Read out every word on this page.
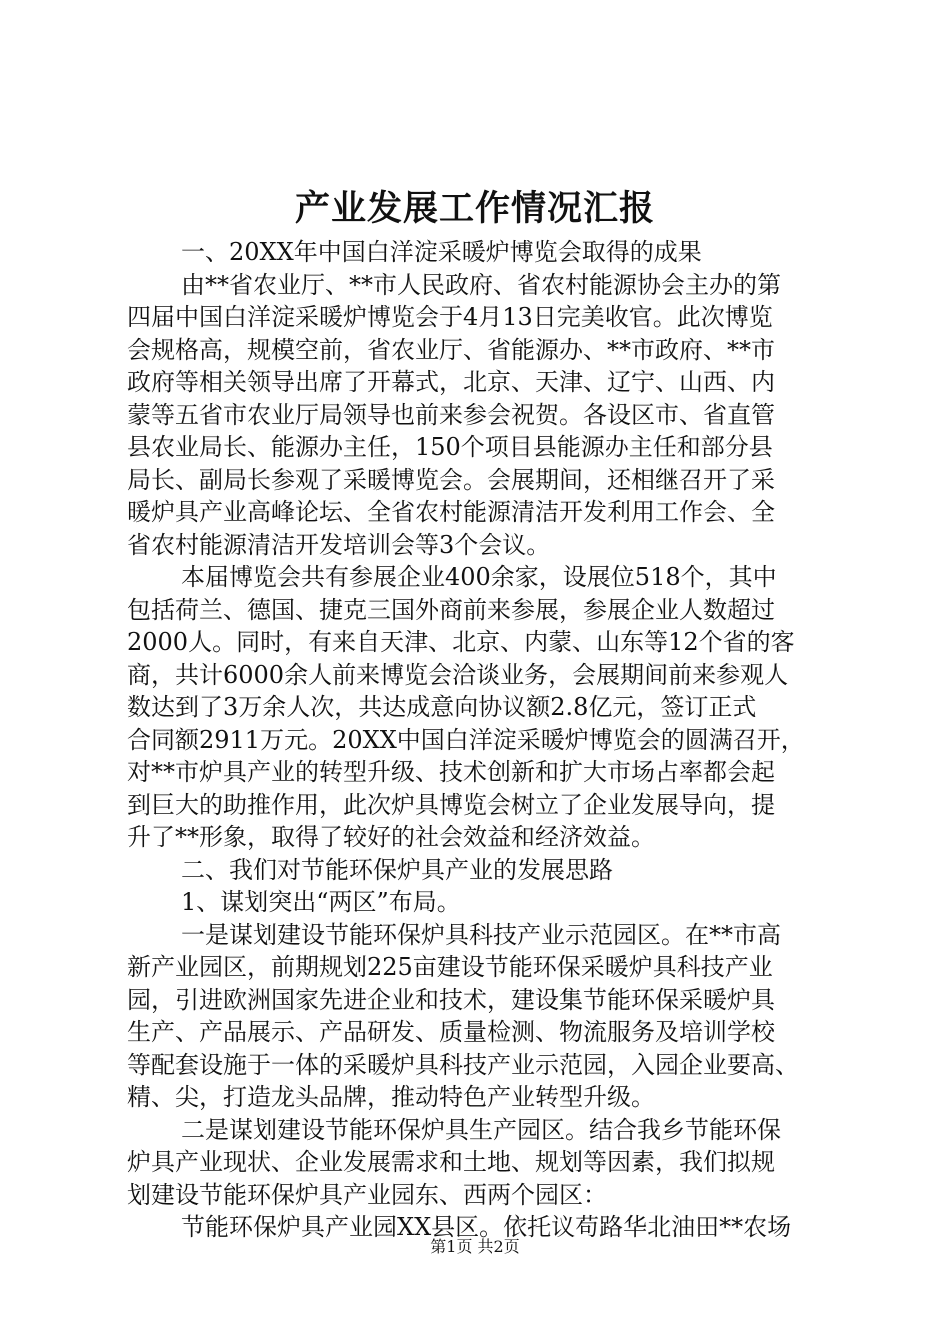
产业发展工作情况汇报
一、20XX年中国白洋淀采暖炉博览会取得的成果
由**省农业厅、**市人民政府、省农村能源协会主办的第
四届中国白洋淀采暖炉博览会于4月13日完美收官。此次博览
会规格高，规模空前，省农业厅、省能源办、**市政府、**市
政府等相关领导出席了开幕式，北京、天津、辽宁、山西、内
蒙等五省市农业厅局领导也前来参会祝贺。各设区市、省直管
县农业局长、能源办主任，150个项目县能源办主任和部分县
局长、副局长参观了采暖博览会。会展期间，还相继召开了采
暖炉具产业高峰论坛、全省农村能源清洁开发利用工作会、全
省农村能源清洁开发培训会等3个会议。
本届博览会共有参展企业400余家，设展位518个，其中
包括荷兰、德国、捷克三国外商前来参展，参展企业人数超过
2000人。同时，有来自天津、北京、内蒙、山东等12个省的客
商，共计6000余人前来博览会洽谈业务，会展期间前来参观人
数达到了3万余人次，共达成意向协议额2.8亿元，签订正式
合同额2911万元。20XX中国白洋淀采暖炉博览会的圆满召开，
对**市炉具产业的转型升级、技术创新和扩大市场占率都会起
到巨大的助推作用，此次炉具博览会树立了企业发展导向，提
升了**形象，取得了较好的社会效益和经济效益。
二、我们对节能环保炉具产业的发展思路
1、谋划突出“两区”布局。
一是谋划建设节能环保炉具科技产业示范园区。在**市高
新产业园区，前期规划225亩建设节能环保采暖炉具科技产业
园，引进欧洲国家先进企业和技术，建设集节能环保采暖炉具
生产、产品展示、产品研发、质量检测、物流服务及培训学校
等配套设施于一体的采暖炉具科技产业示范园，入园企业要高、
精、尖，打造龙头品牌，推动特色产业转型升级。
二是谋划建设节能环保炉具生产园区。结合我乡节能环保
炉具产业现状、企业发展需求和土地、规划等因素，我们拟规
划建设节能环保炉具产业园东、西两个园区：
节能环保炉具产业园XX县区。依托议苟路华北油田**农场
第1页 共2页
